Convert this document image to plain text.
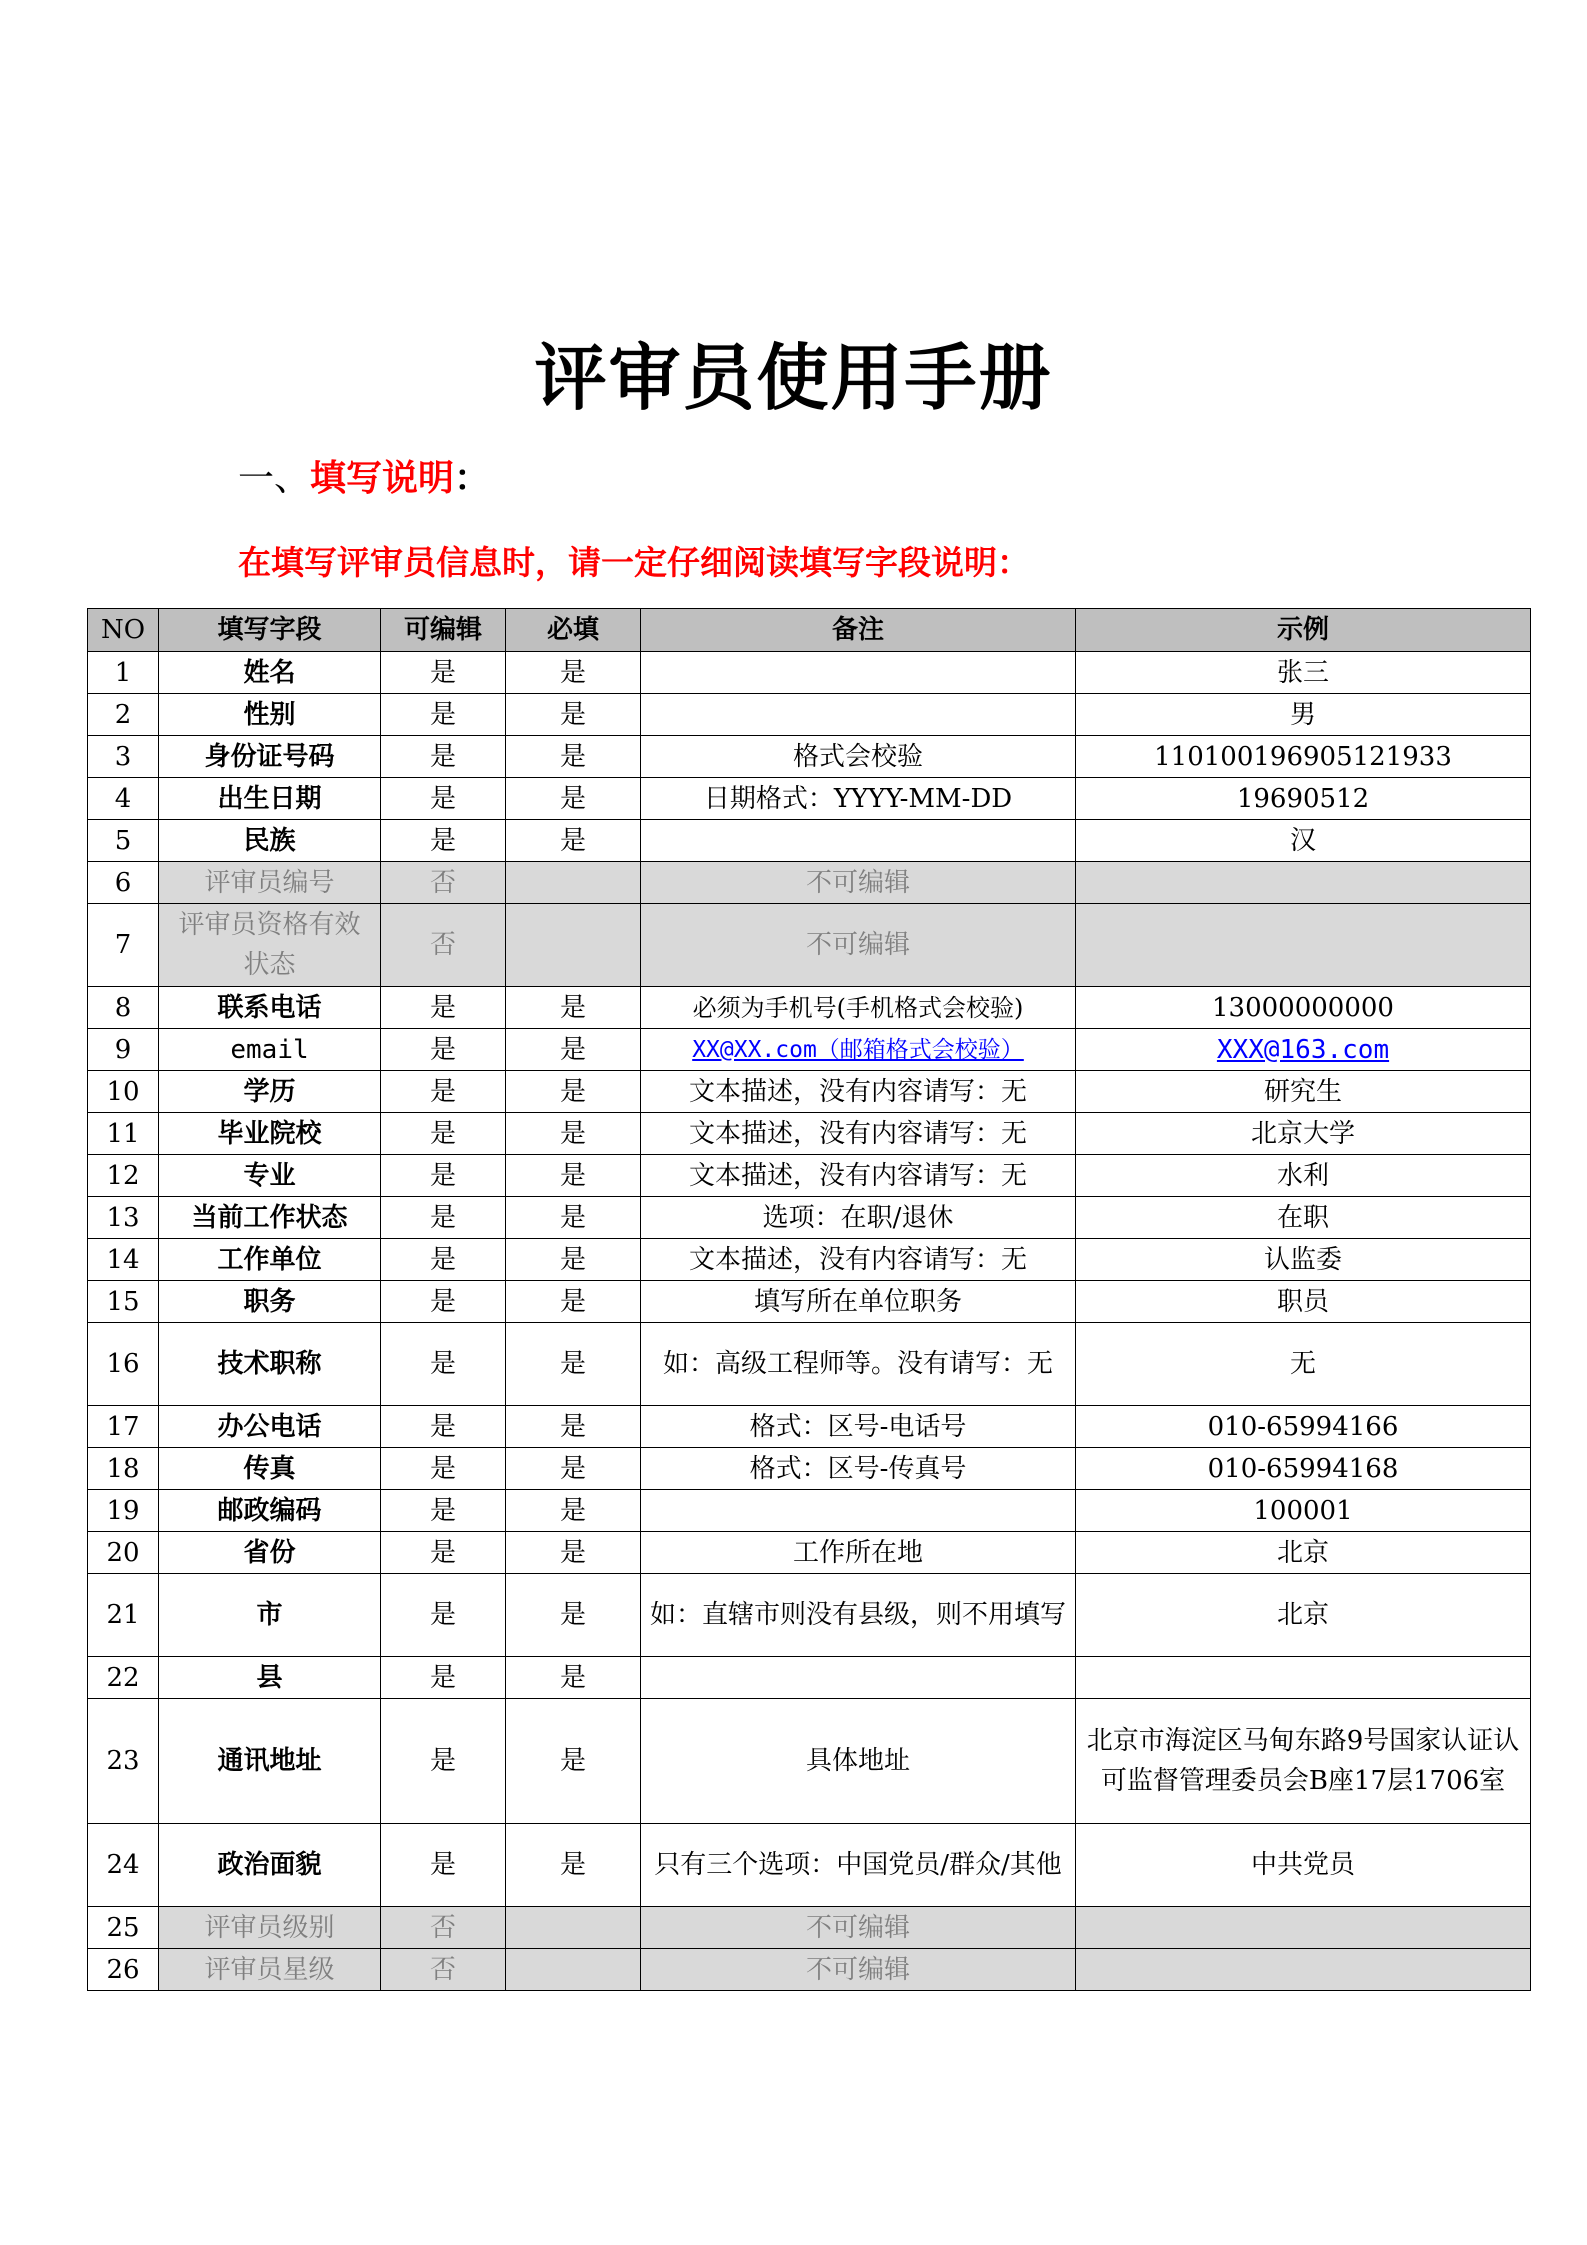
评审员使用手册
一、填写说明：
在填写评审员信息时，请一定仔细阅读填写字段说明：
NO	填写字段	可编辑	必填	备注	示例
1	姓名	是	是		张三
2	性别	是	是		男
3	身份证号码	是	是	格式会校验	110100196905121933
4	出生日期	是	是	日期格式：YYYY-MM-DD	19690512
5	民族	是	是		汉
6	评审员编号	否		不可编辑	
7	评审员资格有效状态	否		不可编辑	
8	联系电话	是	是	必须为手机号(手机格式会校验)	13000000000
9	email	是	是	XX@XX.com（邮箱格式会校验）	XXX@163.com
10	学历	是	是	文本描述，没有内容请写：无	研究生
11	毕业院校	是	是	文本描述，没有内容请写：无	北京大学
12	专业	是	是	文本描述，没有内容请写：无	水利
13	当前工作状态	是	是	选项：在职/退休	在职
14	工作单位	是	是	文本描述，没有内容请写：无	认监委
15	职务	是	是	填写所在单位职务	职员
16	技术职称	是	是	如：高级工程师等。没有请写：无	无
17	办公电话	是	是	格式：区号-电话号	010-65994166
18	传真	是	是	格式：区号-传真号	010-65994168
19	邮政编码	是	是		100001
20	省份	是	是	工作所在地	北京
21	市	是	是	如：直辖市则没有县级，则不用填写	北京
22	县	是	是		
23	通讯地址	是	是	具体地址	北京市海淀区马甸东路9号国家认证认可监督管理委员会B座17层1706室
24	政治面貌	是	是	只有三个选项：中国党员/群众/其他	中共党员
25	评审员级别	否		不可编辑	
26	评审员星级	否		不可编辑	
